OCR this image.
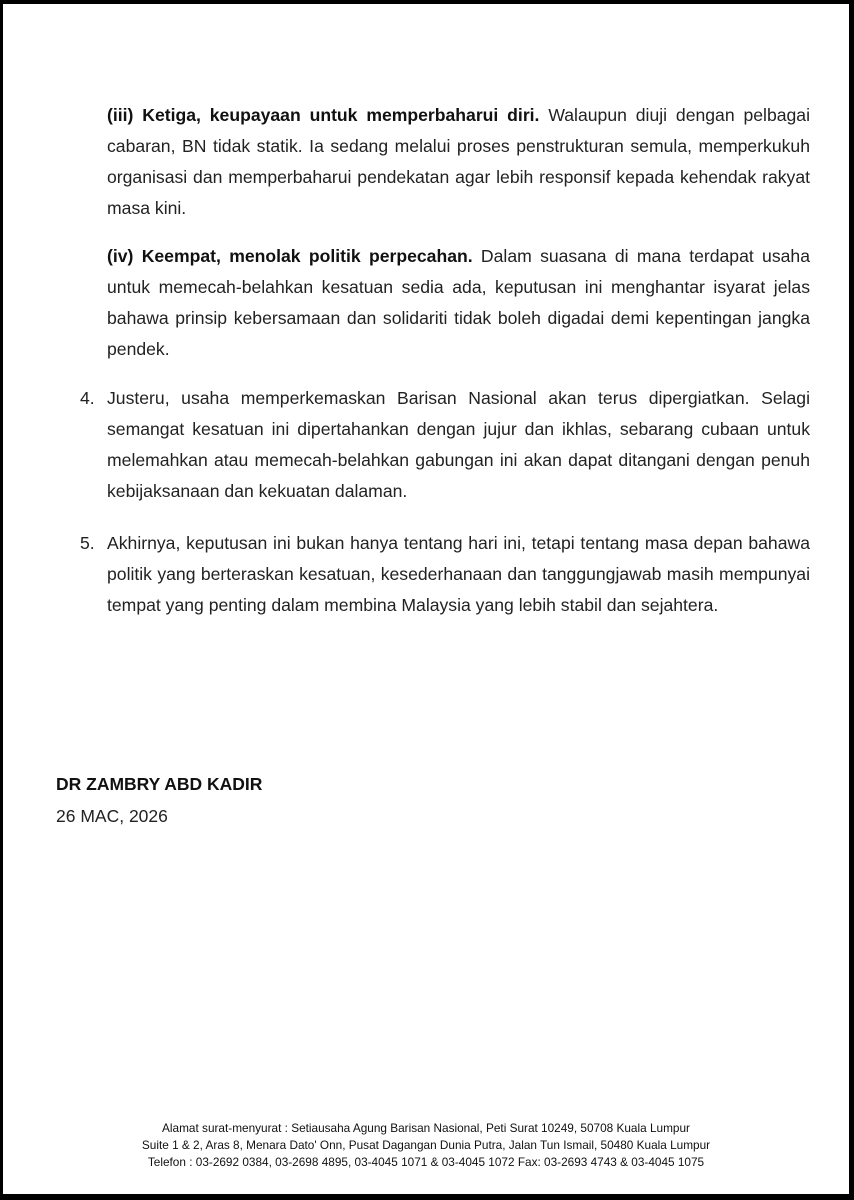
(iii) Ketiga, keupayaan untuk memperbaharui diri. Walaupun diuji dengan pelbagai cabaran, BN tidak statik. Ia sedang melalui proses penstrukturan semula, memperkukuh organisasi dan memperbaharui pendekatan agar lebih responsif kepada kehendak rakyat masa kini.

(iv) Keempat, menolak politik perpecahan. Dalam suasana di mana terdapat usaha untuk memecah-belahkan kesatuan sedia ada, keputusan ini menghantar isyarat jelas bahawa prinsip kebersamaan dan solidariti tidak boleh digadai demi kepentingan jangka pendek.

4. Justeru, usaha memperkemaskan Barisan Nasional akan terus dipergiatkan. Selagi semangat kesatuan ini dipertahankan dengan jujur dan ikhlas, sebarang cubaan untuk melemahkan atau memecah-belahkan gabungan ini akan dapat ditangani dengan penuh kebijaksanaan dan kekuatan dalaman.

5. Akhirnya, keputusan ini bukan hanya tentang hari ini, tetapi tentang masa depan bahawa politik yang berteraskan kesatuan, kesederhanaan dan tanggungjawab masih mempunyai tempat yang penting dalam membina Malaysia yang lebih stabil dan sejahtera.

DR ZAMBRY ABD KADIR
26 MAC, 2026
Alamat surat-menyurat : Setiausaha Agung Barisan Nasional, Peti Surat 10249, 50708 Kuala Lumpur
Suite 1 & 2, Aras 8, Menara Dato' Onn, Pusat Dagangan Dunia Putra, Jalan Tun Ismail, 50480 Kuala Lumpur
Telefon : 03-2692 0384, 03-2698 4895, 03-4045 1071 & 03-4045 1072 Fax: 03-2693 4743 & 03-4045 1075
